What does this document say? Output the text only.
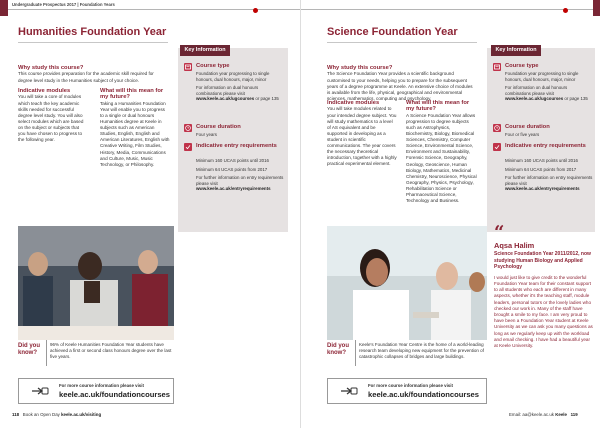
Undergraduate Prospectus 2017 | Foundation Years
Humanities Foundation Year
Why study this course?
This course provides preparation for the academic skill required for degree level study in the Humanities subject of your choice.
Indicative modules
You will take a core of modules which teach the key academic skills needed for successful degree level study. You will also select modules which are based on the subject or subjects that you have chosen to progress to the following year.
What will this mean for my future?
Taking a Humanities Foundation Year will enable you to progress to a single or dual honours Humanities degree at Keele in subjects such as American Studies, English, English and American Literatures, English with Creative Writing, Film Studies, History, Media, Communications and Culture, Music, Music Technology, or Philosophy.
Key Information
Course type
Foundation year progressing to single honours, dual honours, major, minor
For information on dual honours combinations please visit www.keele.ac.uk/ugcourses or page 135
Course duration
Four years
Indicative entry requirements
Minimum 160 UCAS points until 2016
Minimum 64 UCAS points from 2017
For further information on entry requirements please visit
www.keele.ac.uk/entryrequirements
Did you know?
96% of Keele Humanities Foundation Year students have achieved a first or second class honours degree over the last five years.
For more course information please visit
keele.ac.uk/foundationcourses
118 Book an Open Day keele.ac.uk/visiting
Science Foundation Year
Why study this course?
The Science Foundation Year provides a scientific background customised to your needs, helping you to prepare for the subsequent years of a degree programme at Keele. An extensive choice of modules is available from the life, physical, geographical and environmental sciences, mathematics, computing and psychology.
Indicative modules
You will take modules related to your intended degree subject. You will study mathematics to a level of AS equivalent and be supported in developing as a student in scientific communications. The year covers the necessary theoretical introduction, together with a highly practical experimental element.
What will this mean for my future?
A Science Foundation Year allows progression to degree subjects such as Astrophysics, Biochemistry, Biology, Biomedical Sciences, Chemistry, Computer Science, Environmental Science, Environment and Sustainability, Forensic Science, Geography, Geology, Geoscience, Human Biology, Mathematics, Medicinal Chemistry, Neuroscience, Physical Geography, Physics, Psychology, Rehabilitation Science or Pharmaceutical Science, Technology and Business.
Key Information
Course type
Foundation year progressing to single honours, dual honours, major, minor
For information on dual honours combinations please visit www.keele.ac.uk/ugcourses or page 135
Course duration
Four or five years
Indicative entry requirements
Minimum 160 UCAS points until 2016
Minimum 64 UCAS points from 2017
For further information on entry requirements please visit
www.keele.ac.uk/entryrequirements
“
Aqsa Halim
Science Foundation Year 2011/2012, now studying Human Biology and Applied Psychology
I would just like to give credit to the wonderful Foundation Year team for their constant support to all students who each are different in many aspects, whether it's the teaching staff, module leaders, personal tutors or the lovely ladies who checked our work in. Many of the staff have brought a smile to my face. I am very proud to have been a Foundation Year student at Keele University as we can ask you many questions as long as we regularly keep up with the workload and email checking. I have had a beautiful year at Keele University.
Did you know?
Keele's Foundation Year Centre is the home of a world-leading research team developing new equipment for the prevention of catastrophic collapses of bridges and large buildings.
For more course information please visit
keele.ac.uk/foundationcourses
Email: aa@keele.ac.uk Keele 119
